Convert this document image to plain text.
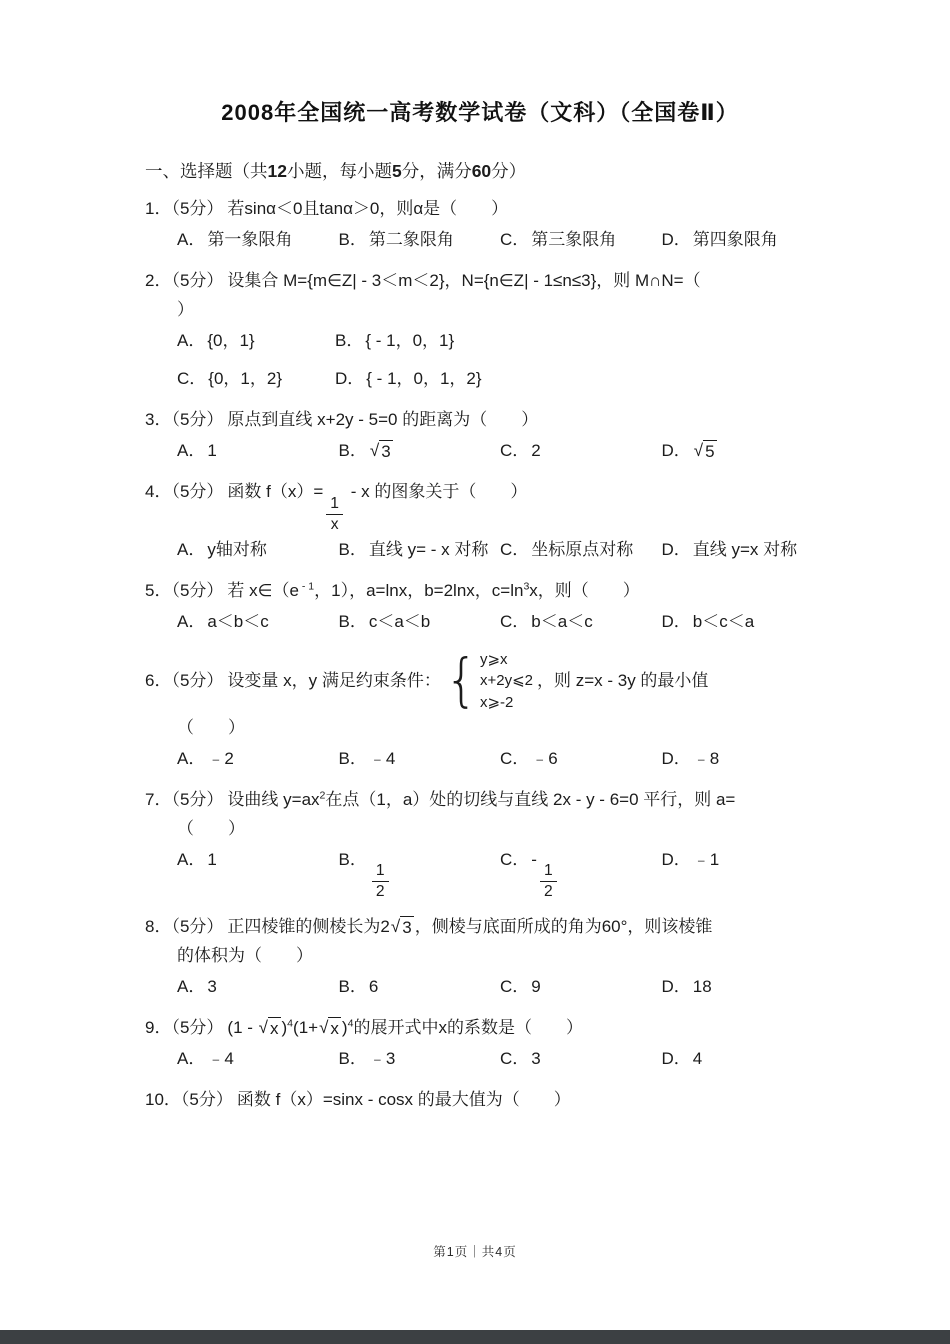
2008年全国统一高考数学试卷（文科）（全国卷Ⅱ）
一、选择题（共12小题，每小题5分，满分60分）
1．（5分） 若sinα＜0且tanα＞0，则α是（　　）
A． 第一象限角	B． 第二象限角	C． 第三象限角	D． 第四象限角
2．（5分） 设集合 M={m∈Z| - 3＜m＜2}，N={n∈Z| - 1≤n≤3}，则 M∩N=（
）
A． {0，1}	B． { - 1，0，1}
C． {0，1，2}	D． { - 1，0，1，2}
3．（5分） 原点到直线 x+2y - 5=0 的距离为（　　）
A． 1	B． √ 3	C． 2	D． √ 5
4．（5分） 函数 f（x）=
$\frac{1}{x}$
- x 的图象关于（　　）
A． y轴对称	B． 直线 y= - x 对称 C． 坐标原点对称	D． 直线 y=x 对称
5．（5分） 若 x∈（e $^{- 1}$，1），a=lnx，b=2lnx，$c=\ln^3x$，则（　　）
A． a＜b＜c	B． c＜a＜b	C． b＜a＜c	D． b＜c＜a
6．（5分） 设变量 x，y 满足约束条件： { y⩾x
x+2y⩽2
x⩾-2
，则 z=x - 3y 的最小值
（　　）
A． ﹣2	B． ﹣4	C． ﹣6	D． ﹣8
7．（5分） 设曲线 $y=ax^2$在点（1，a）处的切线与直线 2x - y - 6=0 平行，则 a=
（　　）
A． 1	B．
$\frac{1}{2}$
C． -
$\frac{1}{2}$
D． ﹣1
8．（5分） 正四棱锥的侧棱长为2 √ 3 ，侧棱与底面所成的角为60°，则该棱锥
的体积为（　　）
A． 3	B． 6	C． 9	D． 18
9．（5分） (1 - √ x )$^4$(1+ √ x )$^4$的展开式中x的系数是（　　）
A． ﹣4	B． ﹣3	C． 3	D． 4
10．（5分） 函数 f（x）=sinx - cosx 的最大值为（　　）
第1页｜共4页
